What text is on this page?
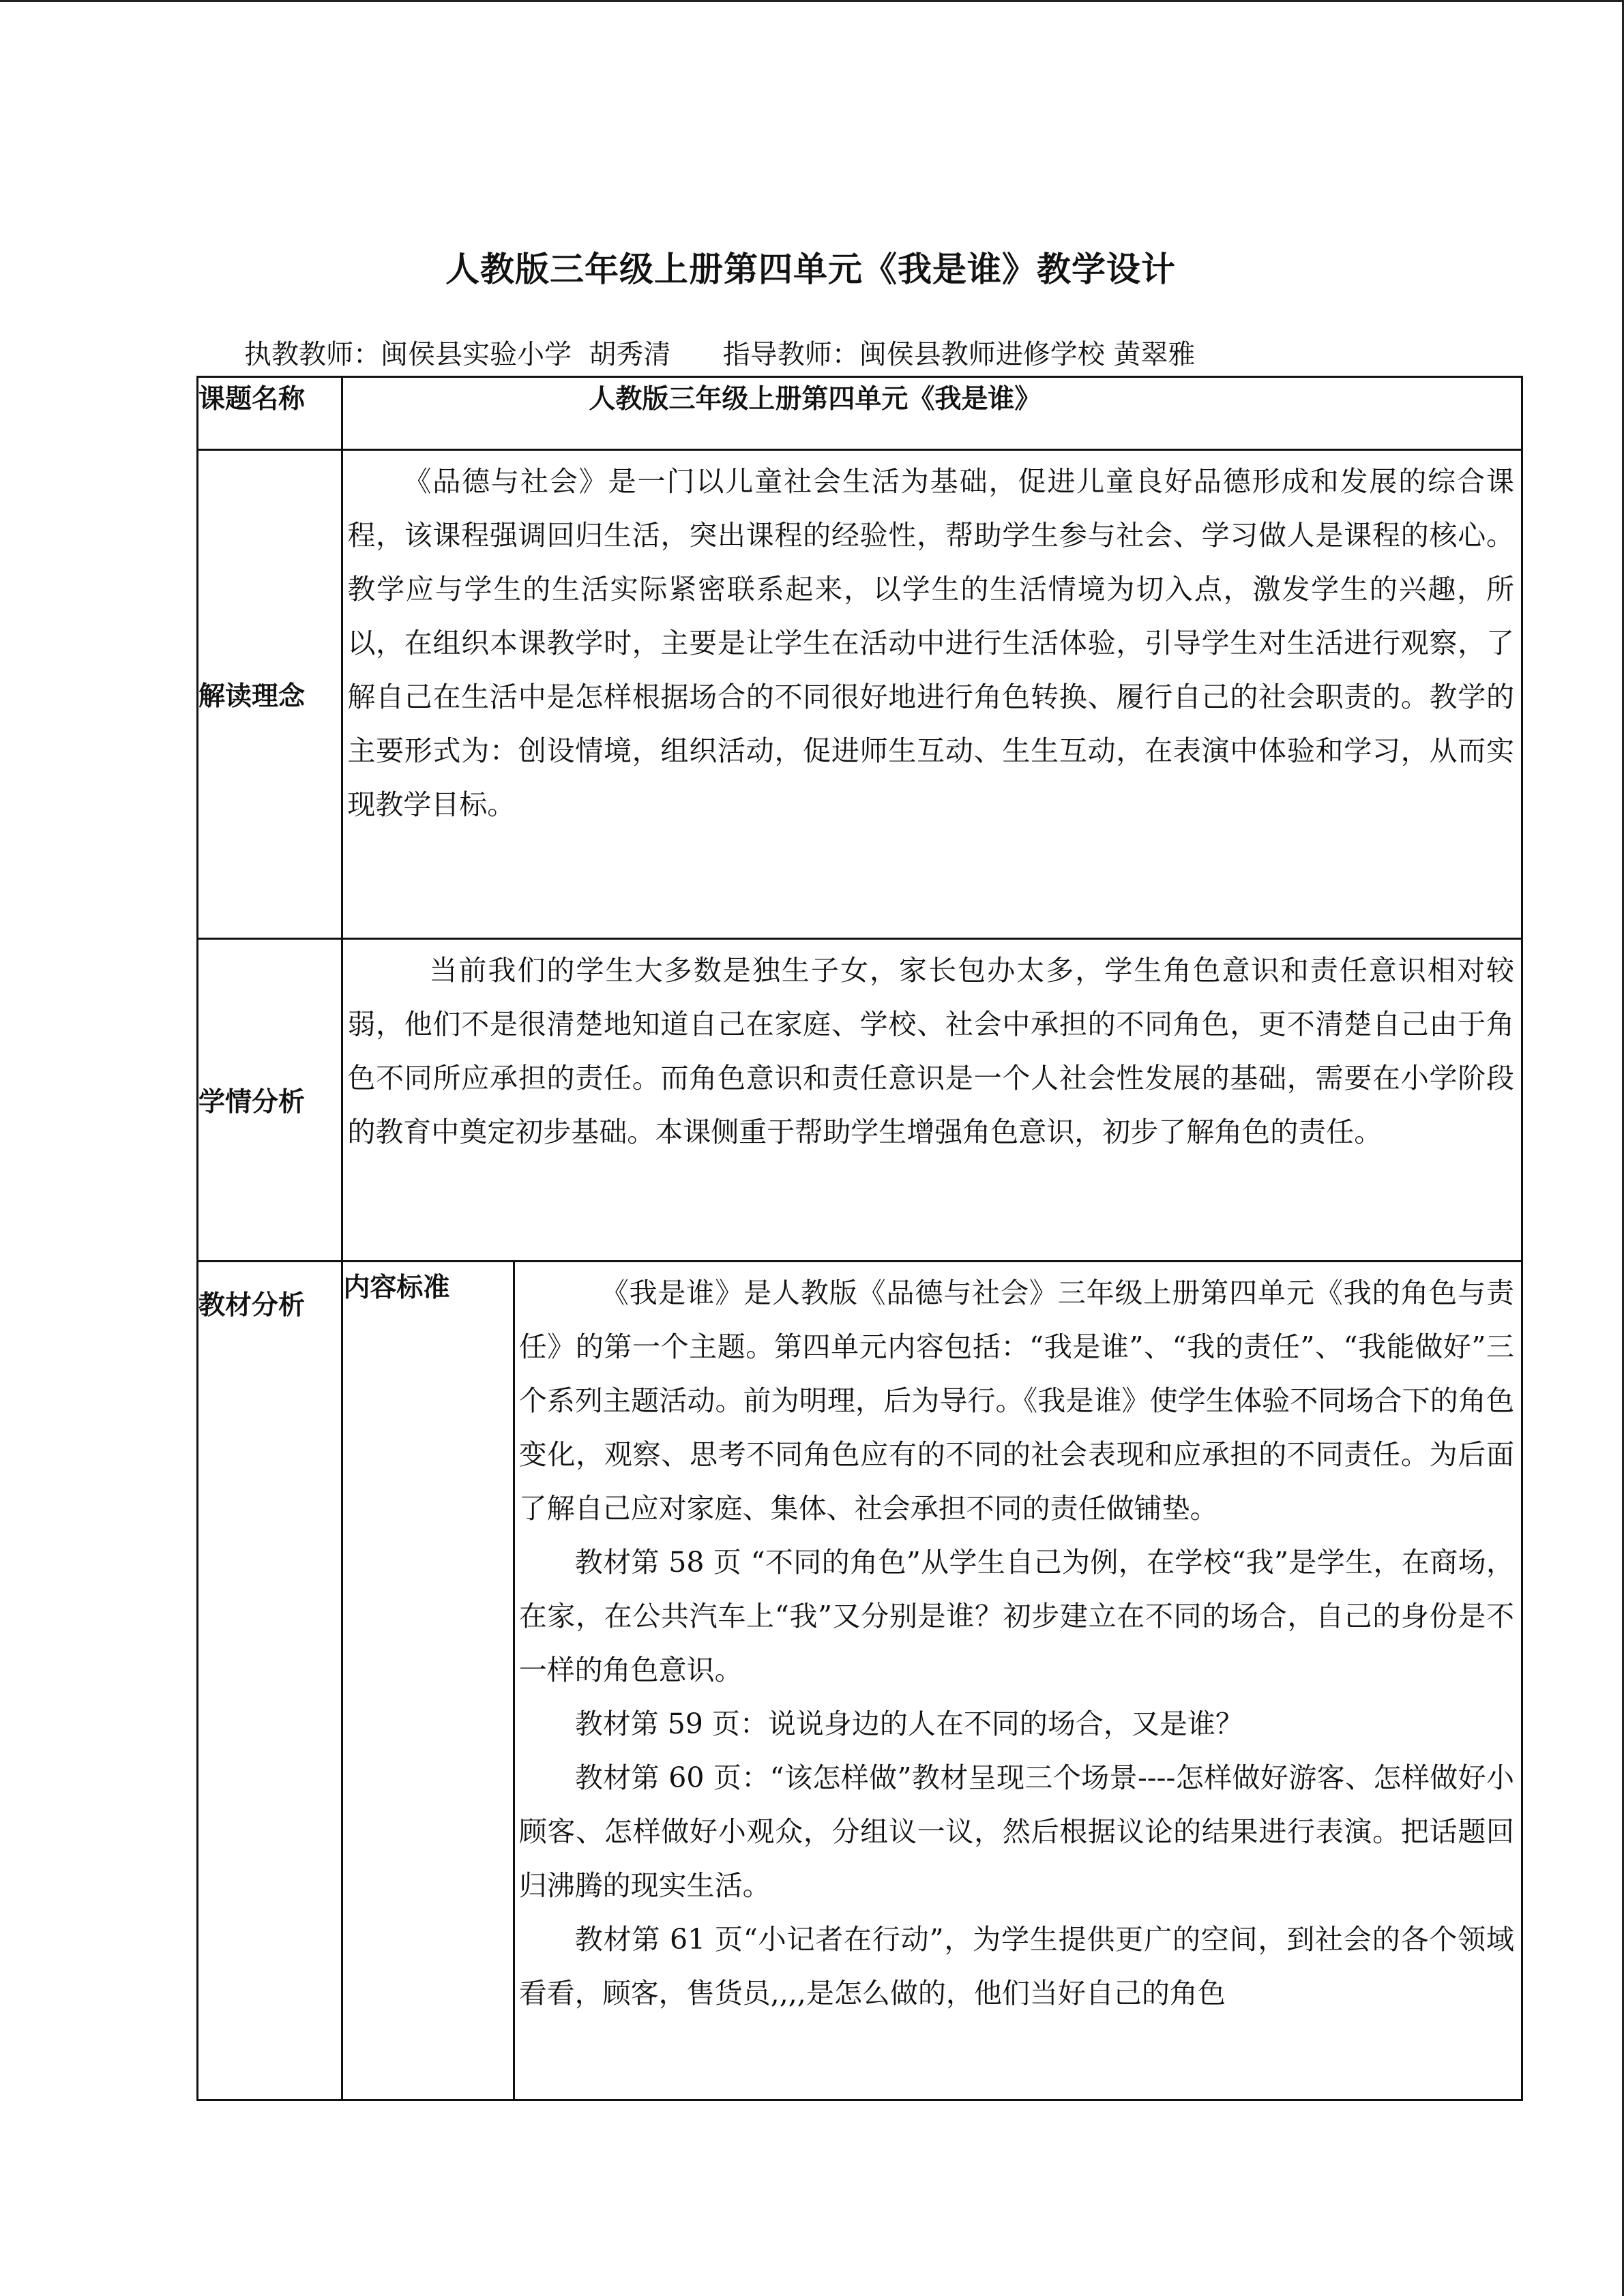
人教版三年级上册第四单元《我是谁》教学设计
执教教师：闽侯县实验小学  胡秀清      指导教师：闽侯县教师进修学校 黄翠雅
课题名称	人教版三年级上册第四单元《我是谁》	

解读理念	《品德与社会》是一门以儿童社会生活为基础，促进儿童良好品德形成和发展的综合课程，该课程强调回归生活，突出课程的经验性，帮助学生参与社会、学习做人是课程的核心。教学应与学生的生活实际紧密联系起来，以学生的生活情境为切入点，激发学生的兴趣，所以，在组织本课教学时，主要是让学生在活动中进行生活体验，引导学生对生活进行观察，了解自己在生活中是怎样根据场合的不同很好地进行角色转换、履行自己的社会职责的。教学的主要形式为：创设情境，组织活动，促进师生互动、生生互动，在表演中体验和学习，从而实现教学目标。	

学情分析	当前我们的学生大多数是独生子女，家长包办太多，学生角色意识和责任意识相对较弱，他们不是很清楚地知道自己在家庭、学校、社会中承担的不同角色，更不清楚自己由于角色不同所应承担的责任。而角色意识和责任意识是一个人社会性发展的基础，需要在小学阶段的教育中奠定初步基础。本课侧重于帮助学生增强角色意识，初步了解角色的责任。	

教材分析	内容标准	《我是谁》是人教版《品德与社会》三年级上册第四单元《我的角色与责任》的第一个主题。第四单元内容包括：“我是谁”、“我的责任”、“我能做好”三个系列主题活动。前为明理，后为导行。《我是谁》使学生体验不同场合下的角色变化，观察、思考不同角色应有的不同的社会表现和应承担的不同责任。为后面了解自己应对家庭、集体、社会承担不同的责任做铺垫。

教材第 58 页 “不同的角色”从学生自己为例，在学校“我”是学生，在商场，在家，在公共汽车上“我”又分别是谁？初步建立在不同的场合，自己的身份是不一样的角色意识。

教材第 59 页：说说身边的人在不同的场合，又是谁？

教材第 60 页：“该怎样做”教材呈现三个场景----怎样做好游客、怎样做好小顾客、怎样做好小观众，分组议一议，然后根据议论的结果进行表演。把话题回归沸腾的现实生活。

教材第 61 页“小记者在行动”，为学生提供更广的空间，到社会的各个领域看看，顾客，售货员,,,,是怎么做的，他们当好自己的角色
